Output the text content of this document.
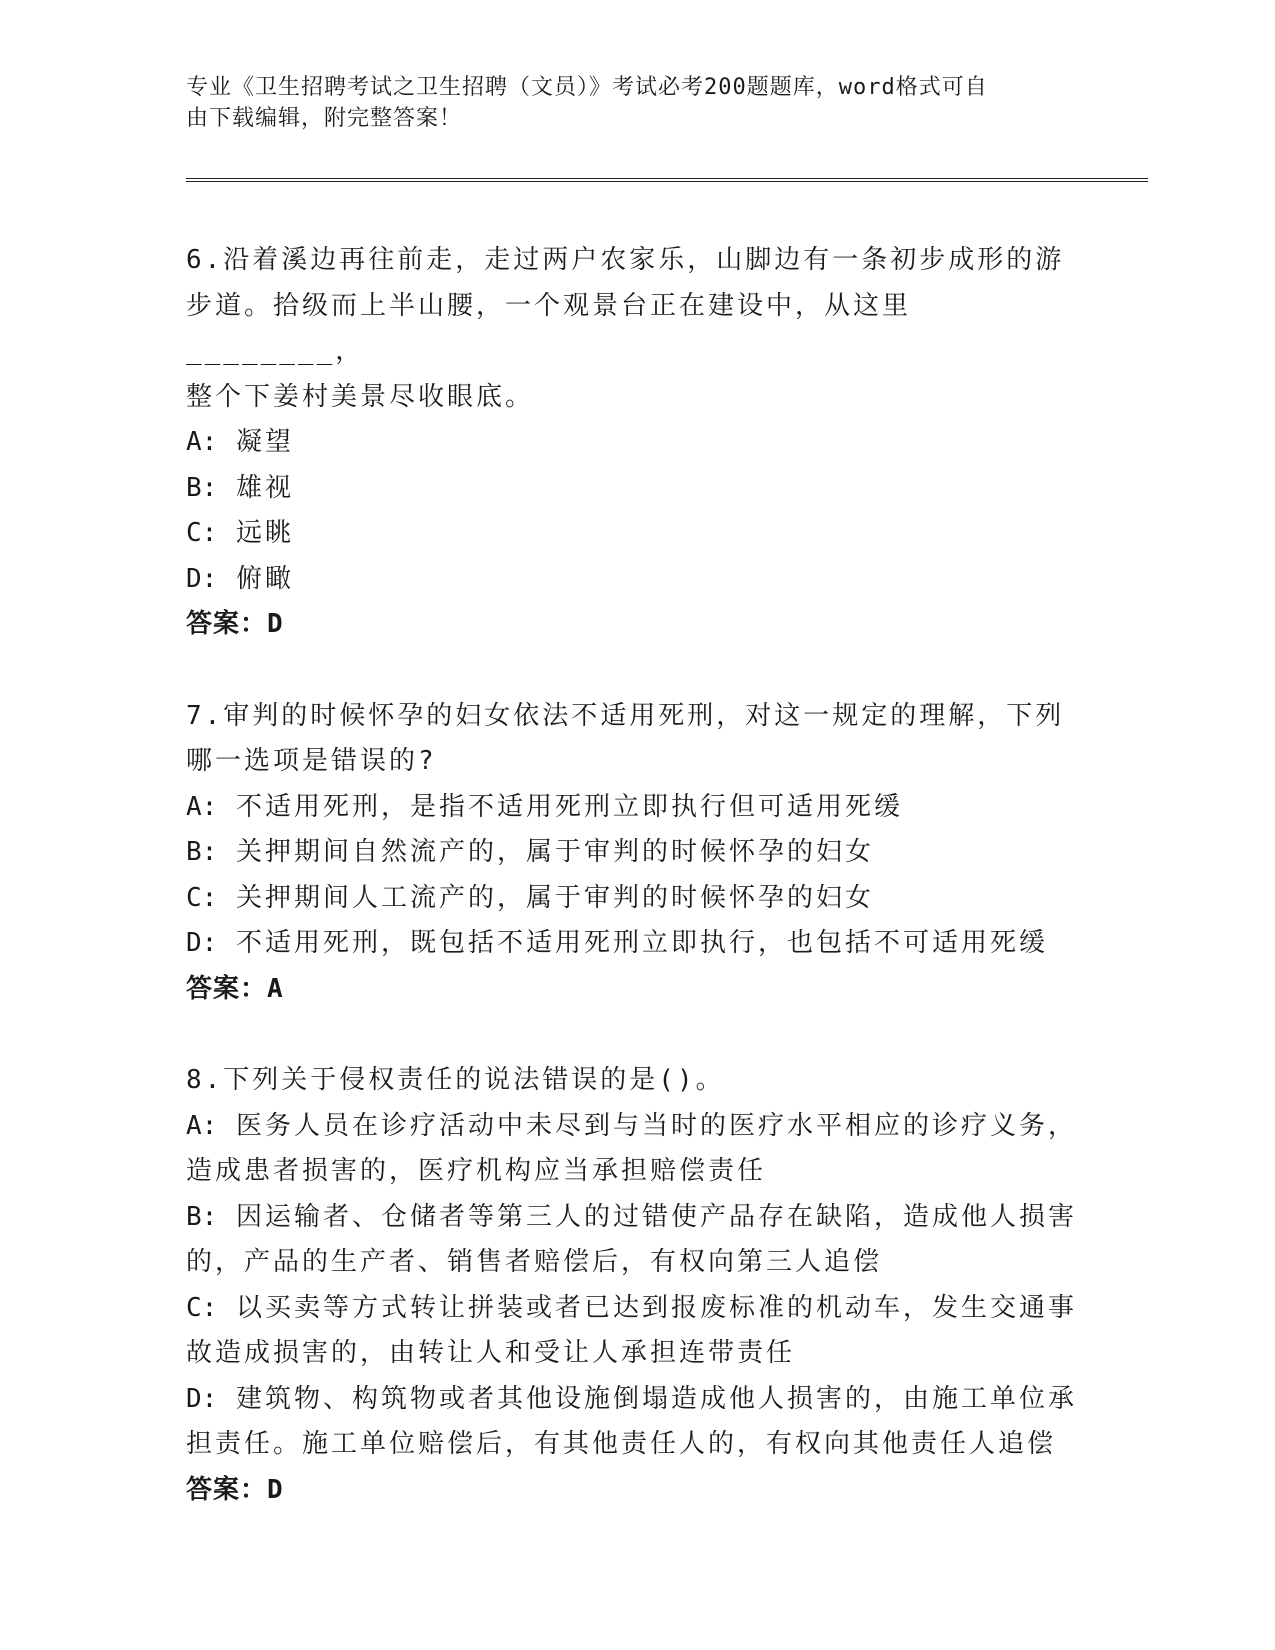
专业《卫生招聘考试之卫生招聘（文员）》考试必考200题题库，word格式可自
由下载编辑，附完整答案！
6.沿着溪边再往前走，走过两户农家乐，山脚边有一条初步成形的游
步道。拾级而上半山腰，一个观景台正在建设中，从这里________，
整个下姜村美景尽收眼底。
A: 凝望
B: 雄视
C: 远眺
D: 俯瞰
答案：D
7.审判的时候怀孕的妇女依法不适用死刑，对这一规定的理解，下列
哪一选项是错误的?
A: 不适用死刑，是指不适用死刑立即执行但可适用死缓
B: 关押期间自然流产的，属于审判的时候怀孕的妇女
C: 关押期间人工流产的，属于审判的时候怀孕的妇女
D: 不适用死刑，既包括不适用死刑立即执行，也包括不可适用死缓
答案：A
8.下列关于侵权责任的说法错误的是()。
A: 医务人员在诊疗活动中未尽到与当时的医疗水平相应的诊疗义务，
造成患者损害的，医疗机构应当承担赔偿责任
B: 因运输者、仓储者等第三人的过错使产品存在缺陷，造成他人损害
的，产品的生产者、销售者赔偿后，有权向第三人追偿
C: 以买卖等方式转让拼装或者已达到报废标准的机动车，发生交通事
故造成损害的，由转让人和受让人承担连带责任
D: 建筑物、构筑物或者其他设施倒塌造成他人损害的，由施工单位承
担责任。施工单位赔偿后，有其他责任人的，有权向其他责任人追偿
答案：D
